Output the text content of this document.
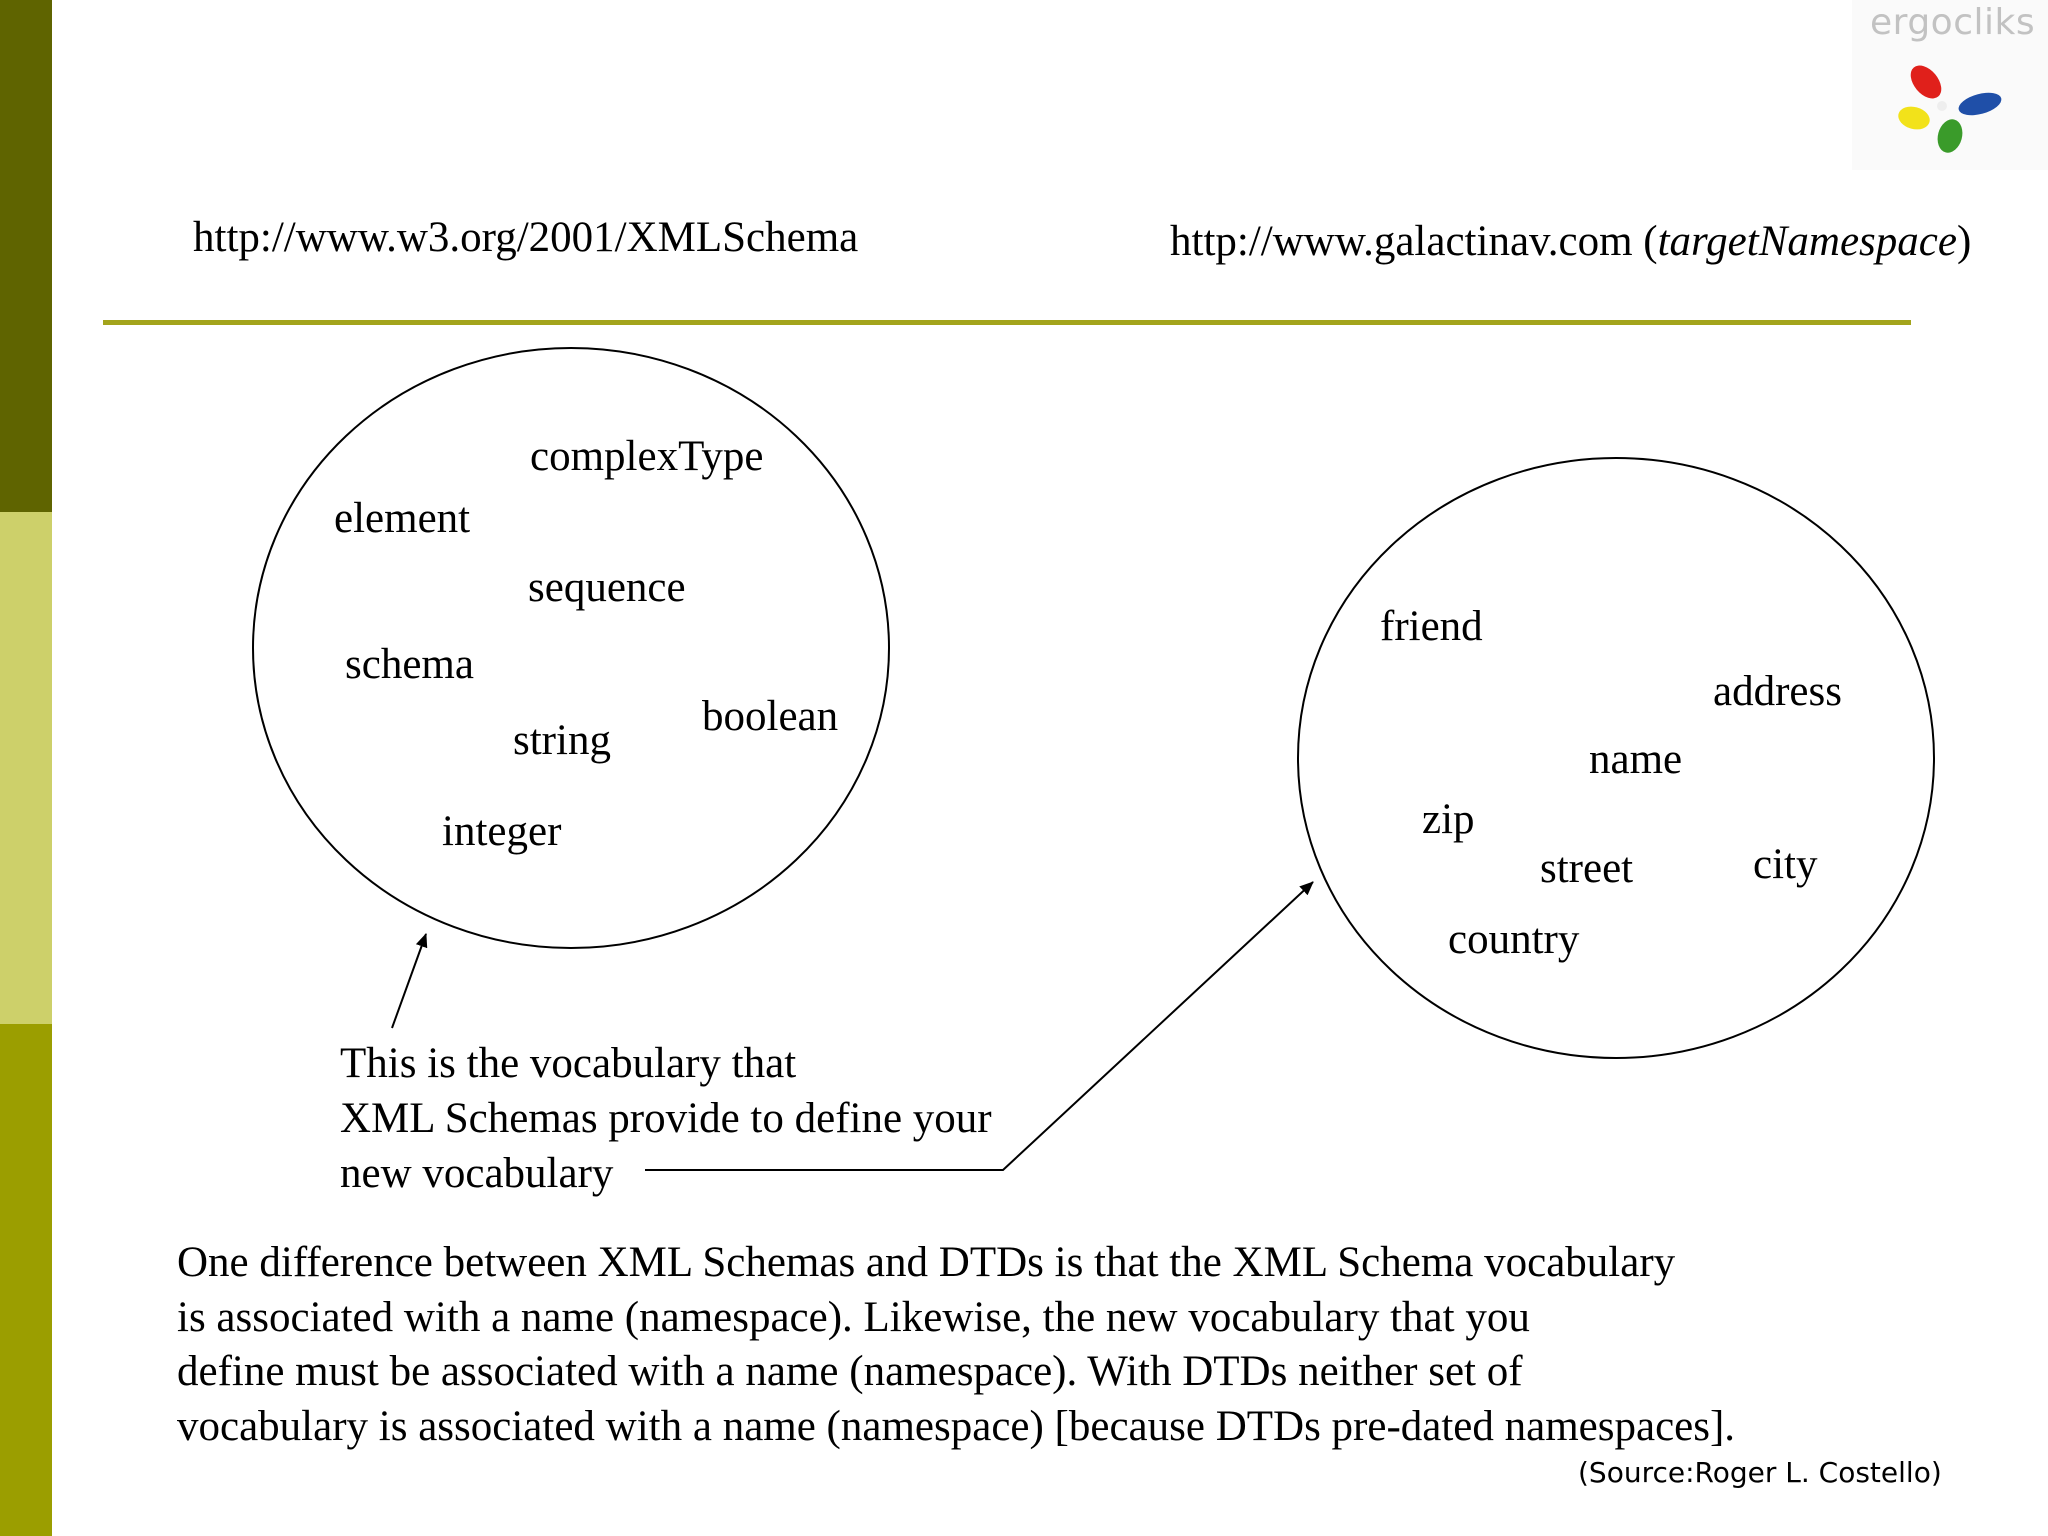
ergocliks
http://www.w3.org/2001/XMLSchema	http://www.galactinav.com (targetNamespace)
complexType
element
sequence
schema
boolean
string
integer
friend
address
name
zip
street	city
country
This is the vocabulary that
XML Schemas provide to define your
new vocabulary
One difference between XML Schemas and DTDs is that the XML Schema vocabulary
is associated with a name (namespace). Likewise, the new vocabulary that you
define must be associated with a name (namespace). With DTDs neither set of
vocabulary is associated with a name (namespace) [because DTDs pre-dated namespaces].
(Source:Roger L. Costello)
